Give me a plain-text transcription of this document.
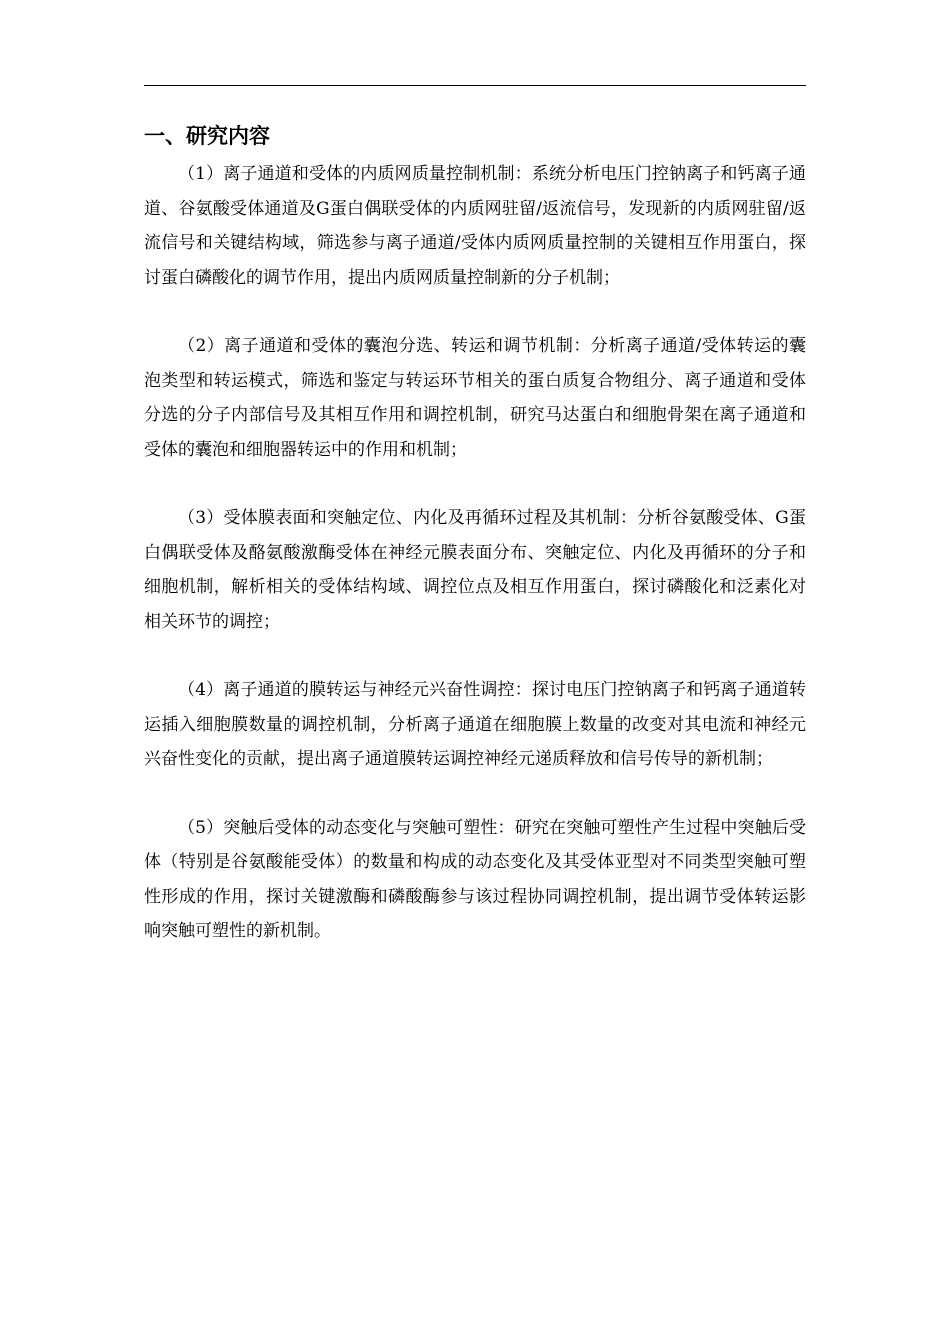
一、研究内容

（1）离子通道和受体的内质网质量控制机制：系统分析电压门控钠离子和钙离子通道、谷氨酸受体通道及G蛋白偶联受体的内质网驻留/返流信号，发现新的内质网驻留/返流信号和关键结构域，筛选参与离子通道/受体内质网质量控制的关键相互作用蛋白，探讨蛋白磷酸化的调节作用，提出内质网质量控制新的分子机制；

（2）离子通道和受体的囊泡分选、转运和调节机制：分析离子通道/受体转运的囊泡类型和转运模式，筛选和鉴定与转运环节相关的蛋白质复合物组分、离子通道和受体分选的分子内部信号及其相互作用和调控机制，研究马达蛋白和细胞骨架在离子通道和受体的囊泡和细胞器转运中的作用和机制；

（3）受体膜表面和突触定位、内化及再循环过程及其机制：分析谷氨酸受体、G蛋白偶联受体及酪氨酸激酶受体在神经元膜表面分布、突触定位、内化及再循环的分子和细胞机制，解析相关的受体结构域、调控位点及相互作用蛋白，探讨磷酸化和泛素化对相关环节的调控；

（4）离子通道的膜转运与神经元兴奋性调控：探讨电压门控钠离子和钙离子通道转运插入细胞膜数量的调控机制，分析离子通道在细胞膜上数量的改变对其电流和神经元兴奋性变化的贡献，提出离子通道膜转运调控神经元递质释放和信号传导的新机制；

（5）突触后受体的动态变化与突触可塑性：研究在突触可塑性产生过程中突触后受体（特别是谷氨酸能受体）的数量和构成的动态变化及其受体亚型对不同类型突触可塑性形成的作用，探讨关键激酶和磷酸酶参与该过程协同调控机制，提出调节受体转运影响突触可塑性的新机制。
